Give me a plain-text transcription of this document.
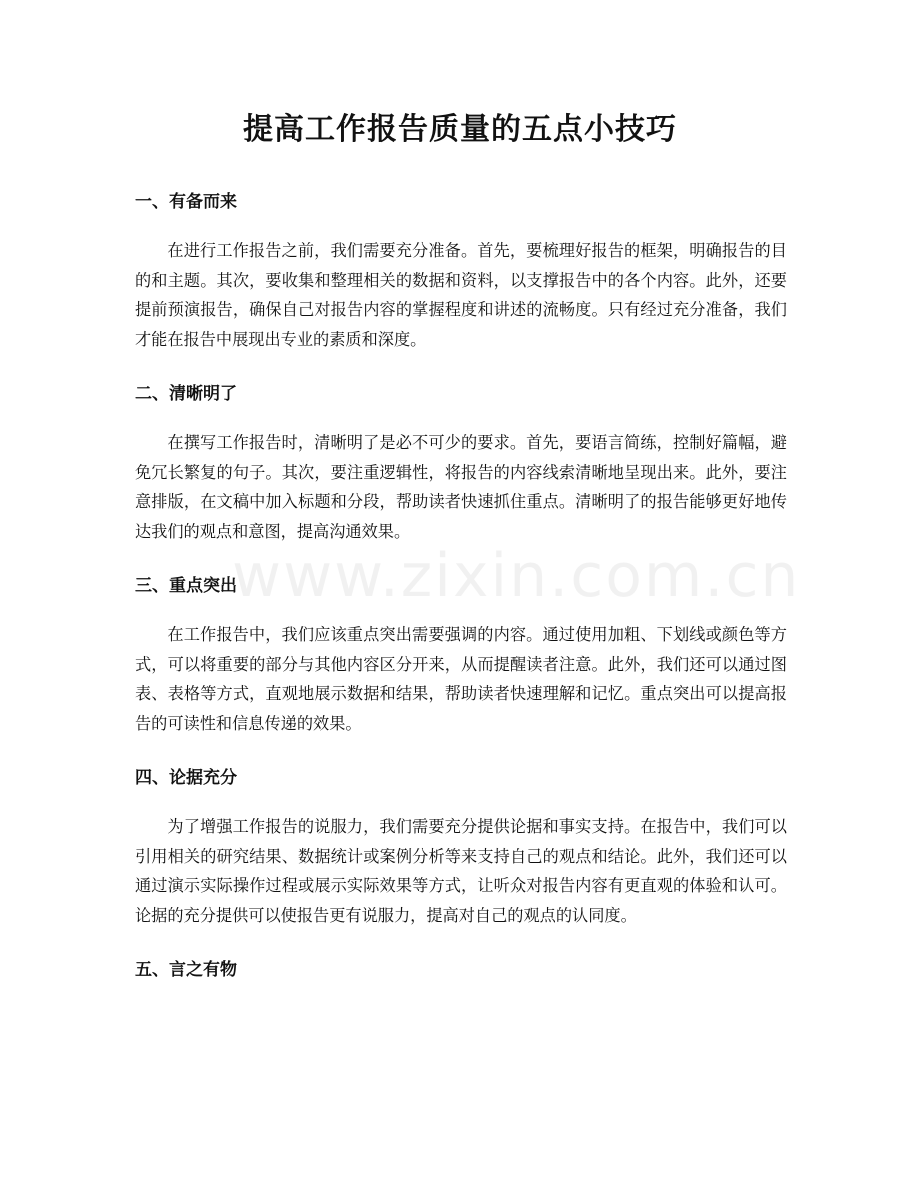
www.zixin.com.cn
提高工作报告质量的五点小技巧
一、有备而来

在进行工作报告之前，我们需要充分准备。首先，要梳理好报告的框架，明确报告的目的和主题。其次，要收集和整理相关的数据和资料，以支撑报告中的各个内容。此外，还要提前预演报告，确保自己对报告内容的掌握程度和讲述的流畅度。只有经过充分准备，我们才能在报告中展现出专业的素质和深度。

二、清晰明了

在撰写工作报告时，清晰明了是必不可少的要求。首先，要语言简练，控制好篇幅，避免冗长繁复的句子。其次，要注重逻辑性，将报告的内容线索清晰地呈现出来。此外，要注意排版，在文稿中加入标题和分段，帮助读者快速抓住重点。清晰明了的报告能够更好地传达我们的观点和意图，提高沟通效果。

三、重点突出

在工作报告中，我们应该重点突出需要强调的内容。通过使用加粗、下划线或颜色等方式，可以将重要的部分与其他内容区分开来，从而提醒读者注意。此外，我们还可以通过图表、表格等方式，直观地展示数据和结果，帮助读者快速理解和记忆。重点突出可以提高报告的可读性和信息传递的效果。

四、论据充分

为了增强工作报告的说服力，我们需要充分提供论据和事实支持。在报告中，我们可以引用相关的研究结果、数据统计或案例分析等来支持自己的观点和结论。此外，我们还可以通过演示实际操作过程或展示实际效果等方式，让听众对报告内容有更直观的体验和认可。论据的充分提供可以使报告更有说服力，提高对自己的观点的认同度。

五、言之有物
